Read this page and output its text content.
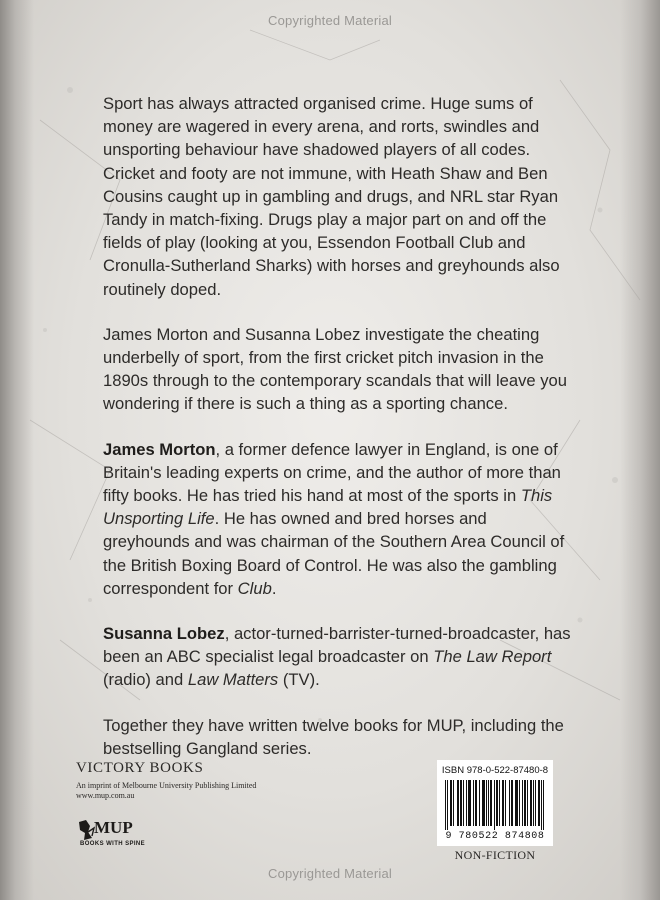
Copyrighted Material

Sport has always attracted organised crime. Huge sums of money are wagered in every arena, and rorts, swindles and unsporting behaviour have shadowed players of all codes. Cricket and footy are not immune, with Heath Shaw and Ben Cousins caught up in gambling and drugs, and NRL star Ryan Tandy in match-fixing. Drugs play a major part on and off the fields of play (looking at you, Essendon Football Club and Cronulla-Sutherland Sharks) with horses and greyhounds also routinely doped.

James Morton and Susanna Lobez investigate the cheating underbelly of sport, from the first cricket pitch invasion in the 1890s through to the contemporary scandals that will leave you wondering if there is such a thing as a sporting chance.

James Morton, a former defence lawyer in England, is one of Britain's leading experts on crime, and the author of more than fifty books. He has tried his hand at most of the sports in This Unsporting Life. He has owned and bred horses and greyhounds and was chairman of the Southern Area Council of the British Boxing Board of Control. He was also the gambling correspondent for Club.

Susanna Lobez, actor-turned-barrister-turned-broadcaster, has been an ABC specialist legal broadcaster on The Law Report (radio) and Law Matters (TV).

Together they have written twelve books for MUP, including the bestselling Gangland series.

VICTORY BOOKS
An imprint of Melbourne University Publishing Limited
www.mup.com.au
MUP
BOOKS WITH SPINE
ISBN 978-0-522-87480-8
9 780522 874808
NON-FICTION
Copyrighted Material
